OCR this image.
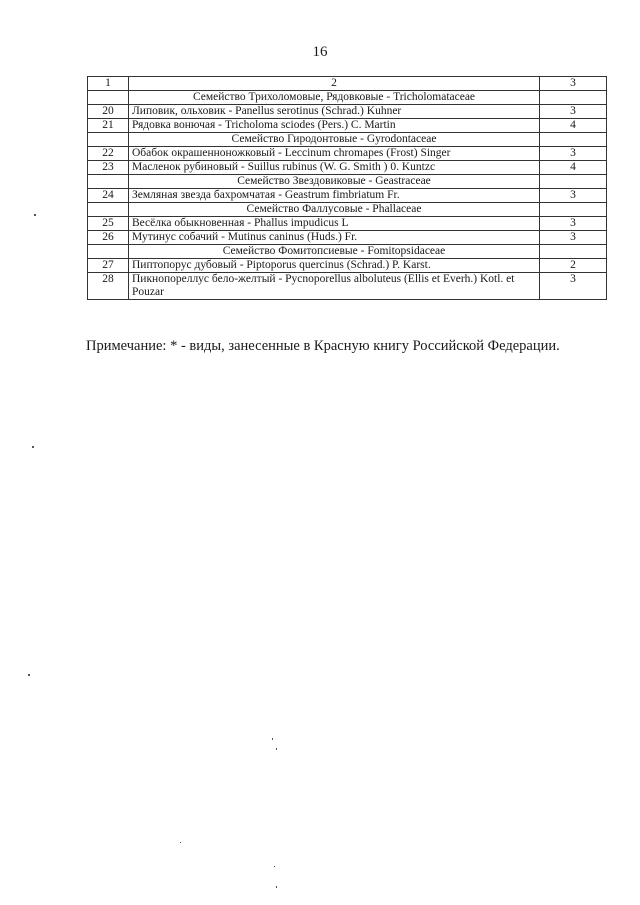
16
1	2	3
	Семейство Трихоломовые, Рядовковые - Tricholomataceae	
20	Липовик, ольховик - Panellus serotinus (Schrad.) Kuhner	3
21	Рядовка вонючая - Tricholoma sciodes (Pers.) C. Martin	4
	Семейство Гиродонтовые - Gyrodontaceae	
22	Обабок окрашенноножковый - Leccinum chromapes (Frost) Singer	3
23	Масленок рубиновый - Suillus rubinus (W. G. Smith ) 0. Kuntzc	4
	Семейство Звездовиковые - Geastraceae	
24	Земляная звезда бахромчатая - Geastrum fimbriatum Fr.	3
	Семейство Фаллусовые - Phallaceae	
25	Весёлка обыкновенная - Phallus impudicus L	3
26	Мутинус собачий - Mutinus caninus (Huds.) Fr.	3
	Семейство Фомитопсиевые - Fomitopsidaceae	
27	Пиптопорус дубовый - Piptoporus quercinus (Schrad.) P. Karst.	2
28	Пикнопореллус бело-желтый - Pycnoporellus alboluteus (Ellis et Everh.) Kotl. et Pouzar	3
Примечание: * - виды, занесенные в Красную книгу Российской Федерации.
